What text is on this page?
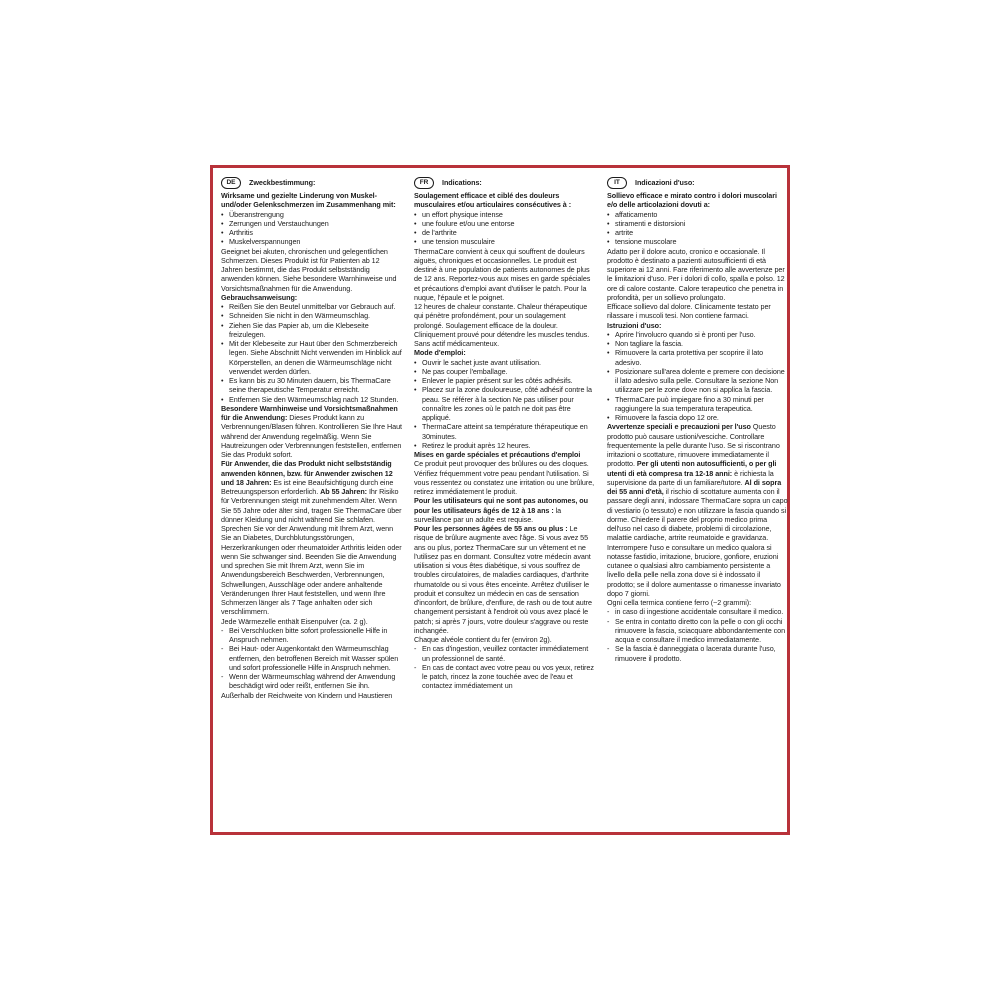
DE	Zweckbestimmung:

Wirksame und gezielte Linderung von Muskel- und/oder Gelenkschmerzen im Zusammenhang mit:

• Überanstrengung
• Zerrungen und Verstauchungen
• Arthritis
• Muskelverspannungen

Geeignet bei akuten, chronischen und gelegentlichen Schmerzen. Dieses Produkt ist für Patienten ab 12 Jahren bestimmt, die das Produkt selbstständig anwenden können. Siehe besondere Warnhinweise und Vorsichtsmaßnahmen für die Anwendung.

Gebrauchsanweisung:

• Reißen Sie den Beutel unmittelbar vor Gebrauch auf.
• Schneiden Sie nicht in den Wärmeumschlag.
• Ziehen Sie das Papier ab, um die Klebeseite freizulegen.
• Mit der Klebeseite zur Haut über den Schmerzbereich legen. Siehe Abschnitt Nicht verwenden im Hinblick auf Körperstellen, an denen die Wärmeumschläge nicht verwendet werden dürfen.
• Es kann bis zu 30 Minuten dauern, bis ThermaCare seine therapeutische Temperatur erreicht.
• Entfernen Sie den Wärmeumschlag nach 12 Stunden.

Besondere Warnhinweise und Vorsichtsmaßnahmen für die Anwendung: Dieses Produkt kann zu Verbrennungen/Blasen führen. Kontrollieren Sie Ihre Haut während der Anwendung regelmäßig. Wenn Sie Hautreizungen oder Verbrennungen feststellen, entfernen Sie das Produkt sofort.

Für Anwender, die das Produkt nicht selbstständig anwenden können, bzw. für Anwender zwischen 12 und 18 Jahren: Es ist eine Beaufsichtigung durch eine Betreuungsperson erforderlich. Ab 55 Jahren: Ihr Risiko für Verbrennungen steigt mit zunehmendem Alter. Wenn Sie 55 Jahre oder älter sind, tragen Sie ThermaCare über dünner Kleidung und nicht während Sie schlafen. Sprechen Sie vor der Anwendung mit Ihrem Arzt, wenn Sie an Diabetes, Durchblutungsstörungen, Herzerkrankungen oder rheumatoider Arthritis leiden oder wenn Sie schwanger sind. Beenden Sie die Anwendung und sprechen Sie mit Ihrem Arzt, wenn Sie im Anwendungsbereich Beschwerden, Verbrennungen, Schwellungen, Ausschläge oder andere anhaltende Veränderungen Ihrer Haut feststellen, und wenn Ihre Schmerzen länger als 7 Tage anhalten oder sich verschlimmern.

Jede Wärmezelle enthält Eisenpulver (ca. 2 g).

- Bei Verschlucken bitte sofort professionelle Hilfe in Anspruch nehmen.
- Bei Haut- oder Augenkontakt den Wärmeumschlag entfernen, den betroffenen Bereich mit Wasser spülen und sofort professionelle Hilfe in Anspruch nehmen.
- Wenn der Wärmeumschlag während der Anwendung beschädigt wird oder reißt, entfernen Sie ihn.

Außerhalb der Reichweite von Kindern und Haustieren

FR	Indications:

Soulagement efficace et ciblé des douleurs musculaires et/ou articulaires consécutives à :

• un effort physique intense
• une foulure et/ou une entorse
• de l'arthrite
• une tension musculaire

ThermaCare convient à ceux qui souffrent de douleurs aiguës, chroniques et occasionnelles. Le produit est destiné à une population de patients autonomes de plus de 12 ans. Reportez-vous aux mises en garde spéciales et précautions d'emploi avant d'utiliser le patch. Pour la nuque, l'épaule et le poignet.

12 heures de chaleur constante. Chaleur thérapeutique qui pénètre profondément, pour un soulagement prolongé. Soulagement efficace de la douleur. Cliniquement prouvé pour détendre les muscles tendus. Sans actif médicamenteux.

Mode d'emploi:

• Ouvrir le sachet juste avant utilisation.
• Ne pas couper l'emballage.
• Enlever le papier présent sur les côtés adhésifs.
• Placez sur la zone douloureuse, côté adhésif contre la peau. Se référer à la section Ne pas utiliser pour connaître les zones où le patch ne doit pas être appliqué.
• ThermaCare atteint sa température thérapeutique en 30minutes.
• Retirez le produit après 12 heures.

Mises en garde spéciales et précautions d'emploi

Ce produit peut provoquer des brûlures ou des cloques. Vérifiez fréquemment votre peau pendant l'utilisation. Si vous ressentez ou constatez une irritation ou une brûlure, retirez immédiatement le produit.

Pour les utilisateurs qui ne sont pas autonomes, ou pour les utilisateurs âgés de 12 à 18 ans : la surveillance par un adulte est requise.

Pour les personnes âgées de 55 ans ou plus : Le risque de brûlure augmente avec l'âge. Si vous avez 55 ans ou plus, portez ThermaCare sur un vêtement et ne l'utilisez pas en dormant. Consultez votre médecin avant utilisation si vous êtes diabétique, si vous souffrez de troubles circulatoires, de maladies cardiaques, d'arthrite rhumatoïde ou si vous êtes enceinte. Arrêtez d'utiliser le produit et consultez un médecin en cas de sensation d'inconfort, de brûlure, d'enflure, de rash ou de tout autre changement persistant à l'endroit où vous avez placé le patch; si après 7 jours, votre douleur s'aggrave ou reste inchangée.

Chaque alvéole contient du fer (environ 2g).

- En cas d'ingestion, veuillez contacter immédiatement un professionnel de santé.
- En cas de contact avec votre peau ou vos yeux, retirez le patch, rincez la zone touchée avec de l'eau et contactez immédiatement un
IT	Indicazioni d'uso:

Sollievo efficace e mirato contro i dolori muscolari e/o delle articolazioni dovuti a:

• affaticamento
• stiramenti e distorsioni
• artrite
• tensione muscolare

Adatto per il dolore acuto, cronico e occasionale. Il prodotto è destinato a pazienti autosufficienti di età superiore ai 12 anni. Fare riferimento alle avvertenze per le limitazioni d'uso. Per i dolori di collo, spalla e polso. 12 ore di calore costante. Calore terapeutico che penetra in profondità, per un sollievo prolungato.

Efficace sollievo dal dolore. Clinicamente testato per rilassare i muscoli tesi. Non contiene farmaci.

Istruzioni d'uso:

• Aprire l'involucro quando si è pronti per l'uso.
• Non tagliare la fascia.
• Rimuovere la carta protettiva per scoprire il lato adesivo.
• Posizionare sull'area dolente e premere con decisione il lato adesivo sulla pelle. Consultare la sezione Non utilizzare per le zone dove non si applica la fascia.
• ThermaCare può impiegare fino a 30 minuti per raggiungere la sua temperatura terapeutica.
• Rimuovere la fascia dopo 12 ore.

Avvertenze speciali e precauzioni per l'uso Questo prodotto può causare ustioni/vesciche. Controllare frequentemente la pelle durante l'uso. Se si riscontrano irritazioni o scottature, rimuovere immediatamente il prodotto. Per gli utenti non autosufficienti, o per gli utenti di età compresa tra 12-18 anni: è richiesta la supervisione da parte di un familiare/tutore. Al di sopra dei 55 anni d'età, il rischio di scottature aumenta con il passare degli anni, indossare ThermaCare sopra un capo di vestiario (o tessuto) e non utilizzare la fascia quando si dorme. Chiedere il parere del proprio medico prima dell'uso nel caso di diabete, problemi di circolazione, malattie cardiache, artrite reumatoide e gravidanza. Interrompere l'uso e consultare un medico qualora si notasse fastidio, irritazione, bruciore, gonfiore, eruzioni cutanee o qualsiasi altro cambiamento persistente a livello della pelle nella zona dove si è indossato il prodotto; se il dolore aumentasse o rimanesse invariato dopo 7 giorni.

Ogni cella termica contiene ferro (~2 grammi):

- in caso di ingestione accidentale consultare il medico.
- Se entra in contatto diretto con la pelle o con gli occhi rimuovere la fascia, sciacquare abbondantemente con acqua e consultare il medico immediatamente.
- Se la fascia è danneggiata o lacerata durante l'uso, rimuovere il prodotto.
